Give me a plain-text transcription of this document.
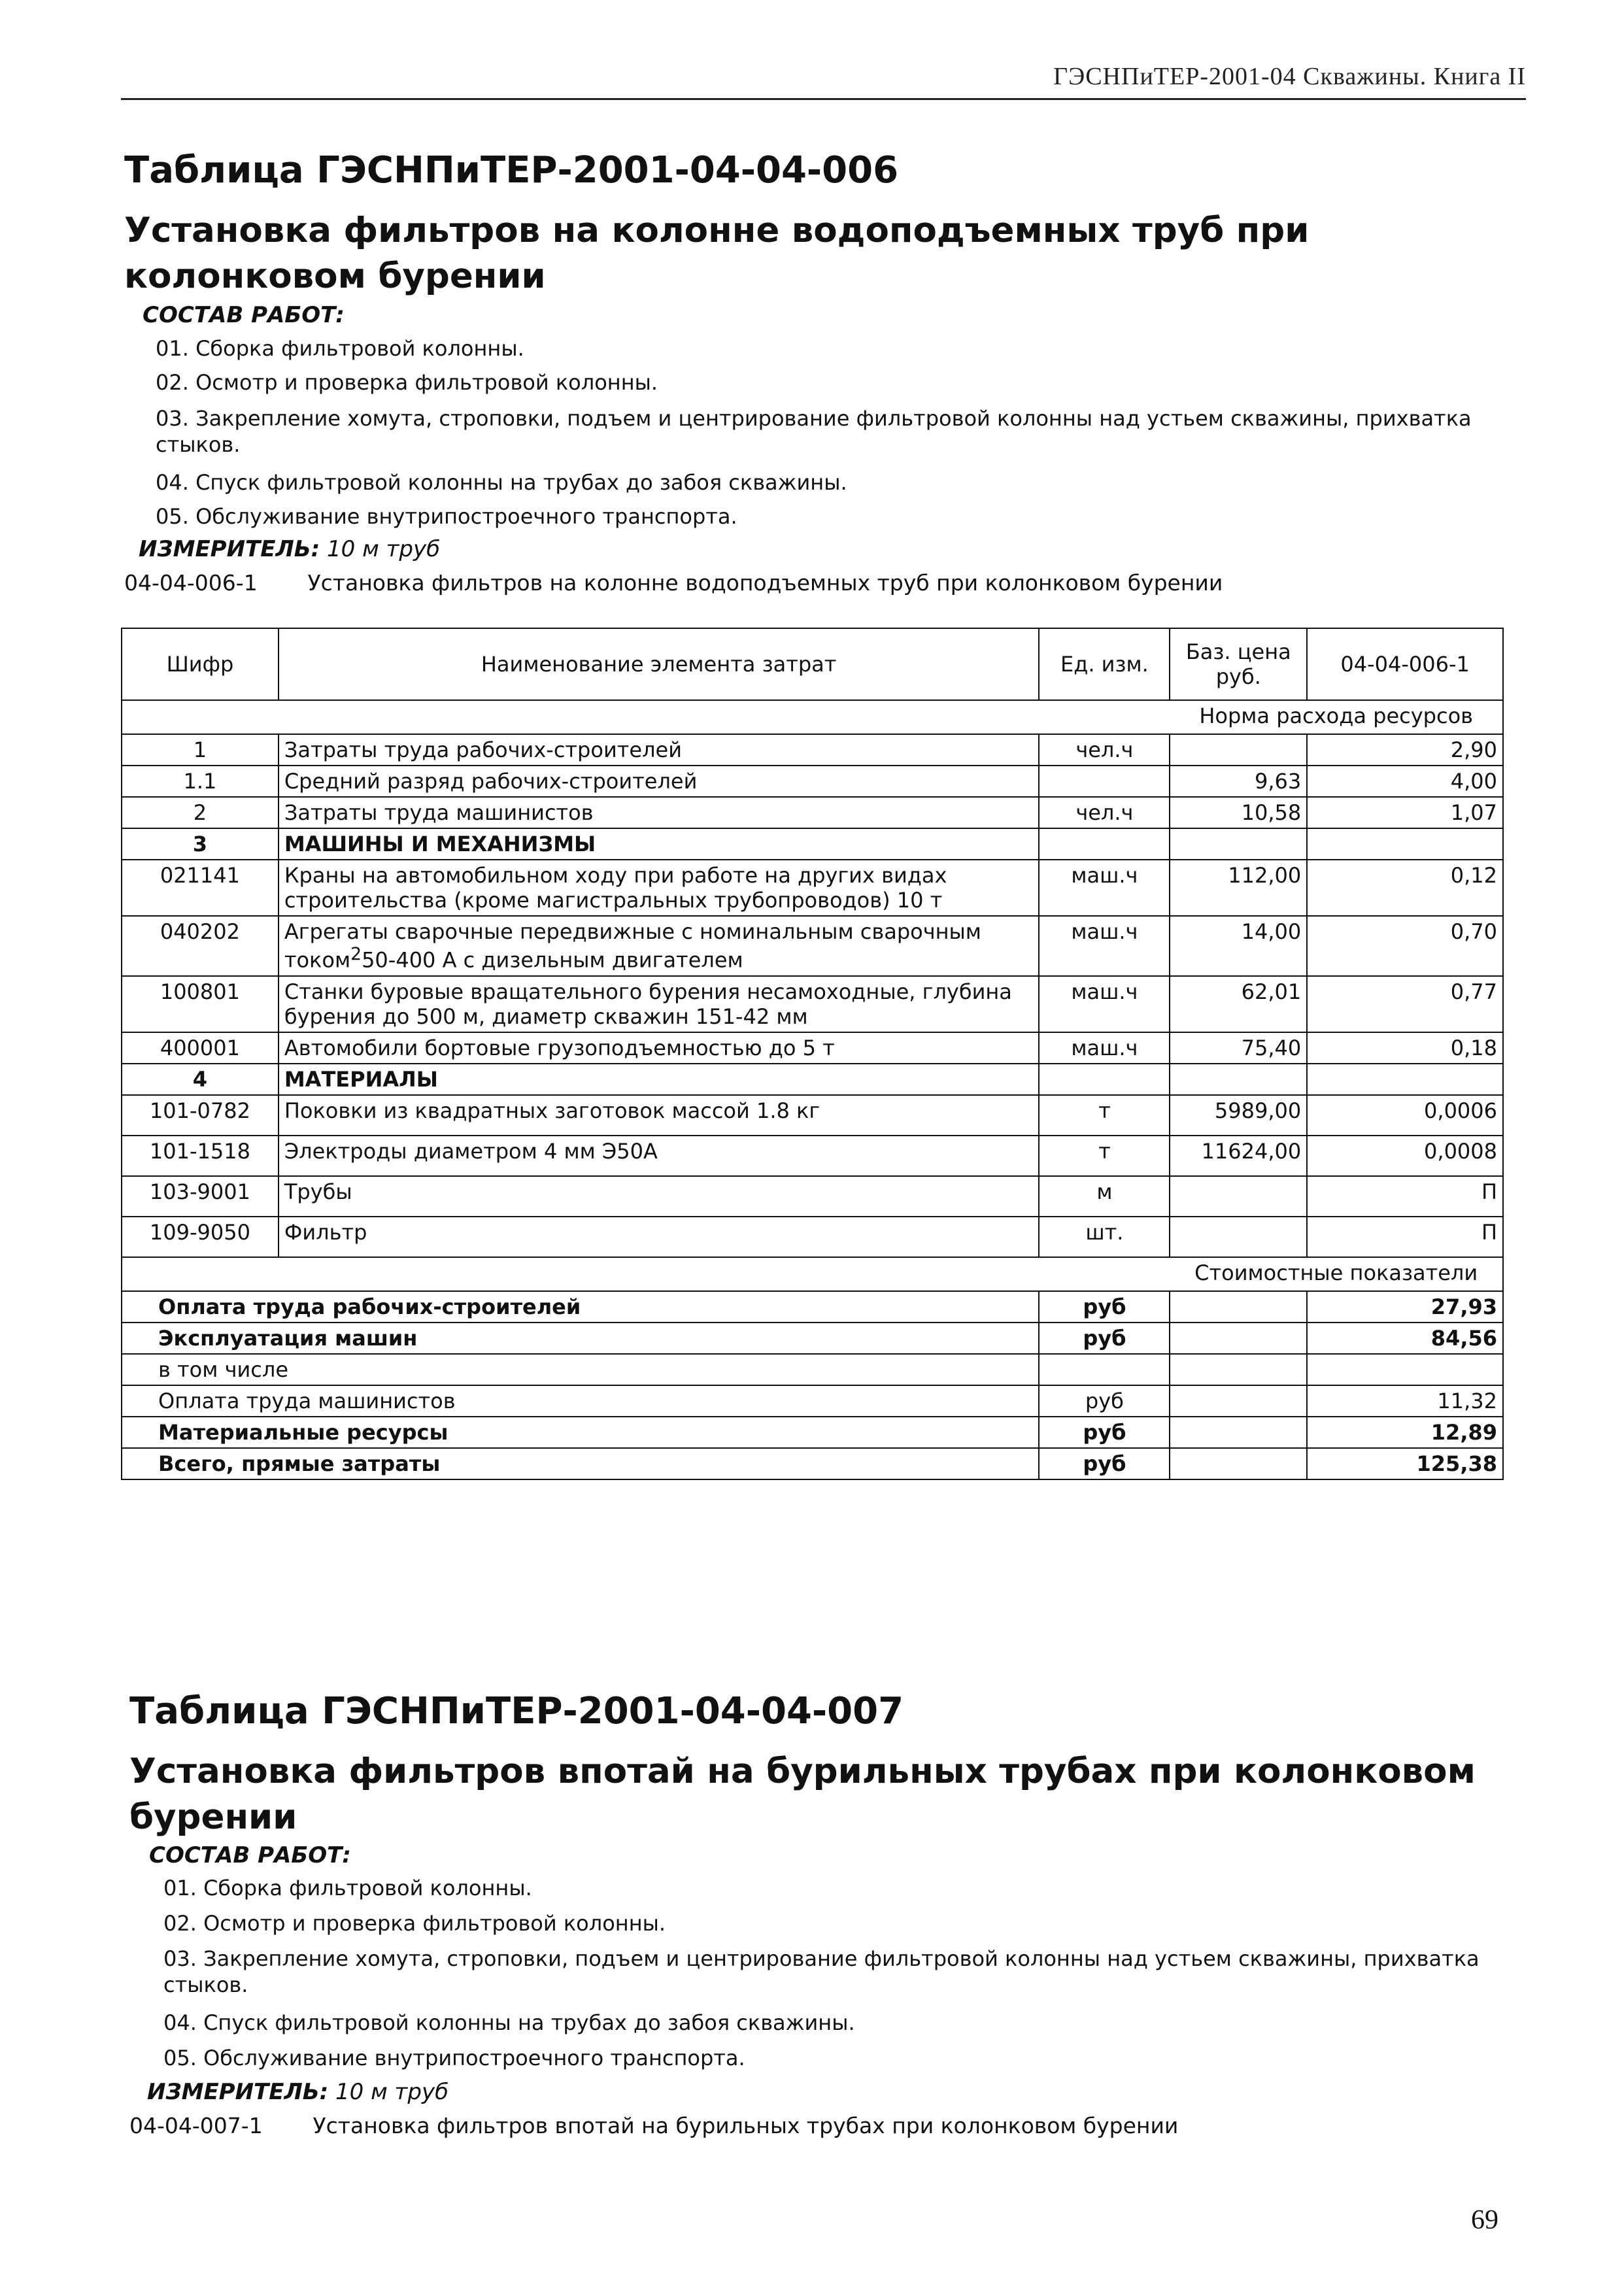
ГЭСНПиТЕР-2001-04 Скважины. Книга II
Таблица ГЭСНПиТЕР-2001-04-04-006
Установка фильтров на колонне водоподъемных труб при колонковом бурении
СОСТАВ РАБОТ:
01. Сборка фильтровой колонны.
02. Осмотр и проверка фильтровой колонны.
03. Закрепление хомута, строповки, подъем и центрирование фильтровой колонны над устьем скважины, прихватка стыков.
04. Спуск фильтровой колонны на трубах до забоя скважины.
05. Обслуживание внутрипостроечного транспорта.
ИЗМЕРИТЕЛЬ: 10 м труб
04-04-006-1 Установка фильтров на колонне водоподъемных труб при колонковом бурении
Шифр	Наименование элемента затрат	Ед. изм.	Баз. цена руб.	04-04-006-1
			Норма расхода ресурсов	
1	Затраты труда рабочих-строителей	чел.ч		2,90
1.1	Средний разряд рабочих-строителей		9,63	4,00
2	Затраты труда машинистов	чел.ч	10,58	1,07
3	МАШИНЫ И МЕХАНИЗМЫ			
021141	Краны на автомобильном ходу при работе на других видах строительства (кроме магистральных трубопроводов) 10 т	маш.ч	112,00	0,12
040202	Агрегаты сварочные передвижные с номинальным сварочным током$^2$50-400 А с дизельным двигателем	маш.ч	14,00	0,70
100801	Станки буровые вращательного бурения несамоходные, глубина бурения до 500 м, диаметр скважин 151-42 мм	маш.ч	62,01	0,77
400001	Автомобили бортовые грузоподъемностью до 5 т	маш.ч	75,40	0,18
4	МАТЕРИАЛЫ			
101-0782	Поковки из квадратных заготовок массой 1.8 кг	т	5989,00	0,0006
101-1518	Электроды диаметром 4 мм Э50А	т	11624,00	0,0008
103-9001	Трубы	м		П
109-9050	Фильтр	шт.		П
			Стоимостные показатели	
Оплата труда рабочих-строителей		руб		27,93
Эксплуатация машин		руб		84,56
в том числе				
Оплата труда машинистов		руб		11,32
Материальные ресурсы		руб		12,89
Всего, прямые затраты		руб		125,38
Таблица ГЭСНПиТЕР-2001-04-04-007
Установка фильтров впотай на бурильных трубах при колонковом бурении
СОСТАВ РАБОТ:
01. Сборка фильтровой колонны.
02. Осмотр и проверка фильтровой колонны.
03. Закрепление хомута, строповки, подъем и центрирование фильтровой колонны над устьем скважины, прихватка стыков.
04. Спуск фильтровой колонны на трубах до забоя скважины.
05. Обслуживание внутрипостроечного транспорта.
ИЗМЕРИТЕЛЬ: 10 м труб
04-04-007-1 Установка фильтров впотай на бурильных трубах при колонковом бурении
69
